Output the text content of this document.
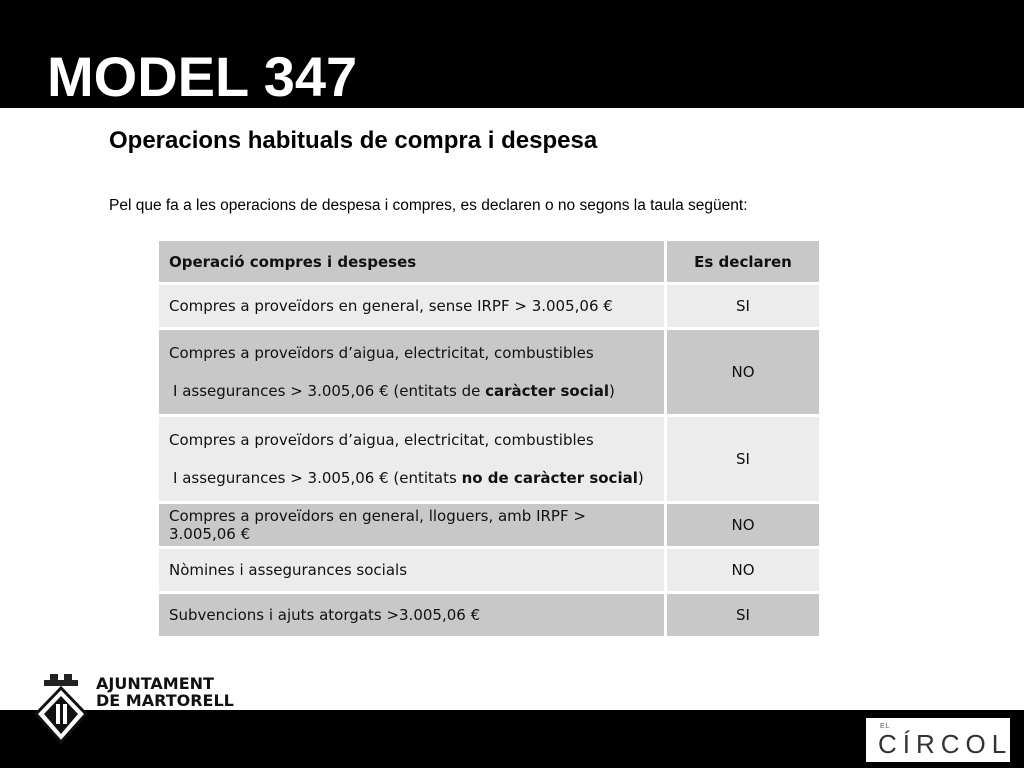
MODEL 347
Operacions habituals de compra i despesa
Pel que fa a les operacions de despesa i compres, es declaren o no segons la taula següent:
Operació compres i despeses	Es declaren
Compres a proveïdors en general, sense IRPF > 3.005,06 €	SI
Compres a proveïdors d’aigua, electricitat, combustibles
I assegurances > 3.005,06 € (entitats de caràcter social)	NO
Compres a proveïdors d’aigua, electricitat, combustibles
I assegurances > 3.005,06 € (entitats no de caràcter social)	SI
Compres a proveïdors en general, lloguers, amb IRPF > 3.005,06 €	NO
Nòmines i assegurances socials	NO
Subvencions i ajuts atorgats >3.005,06 €	SI
AJUNTAMENT
DE MARTORELL
EL
CÍRCOL
